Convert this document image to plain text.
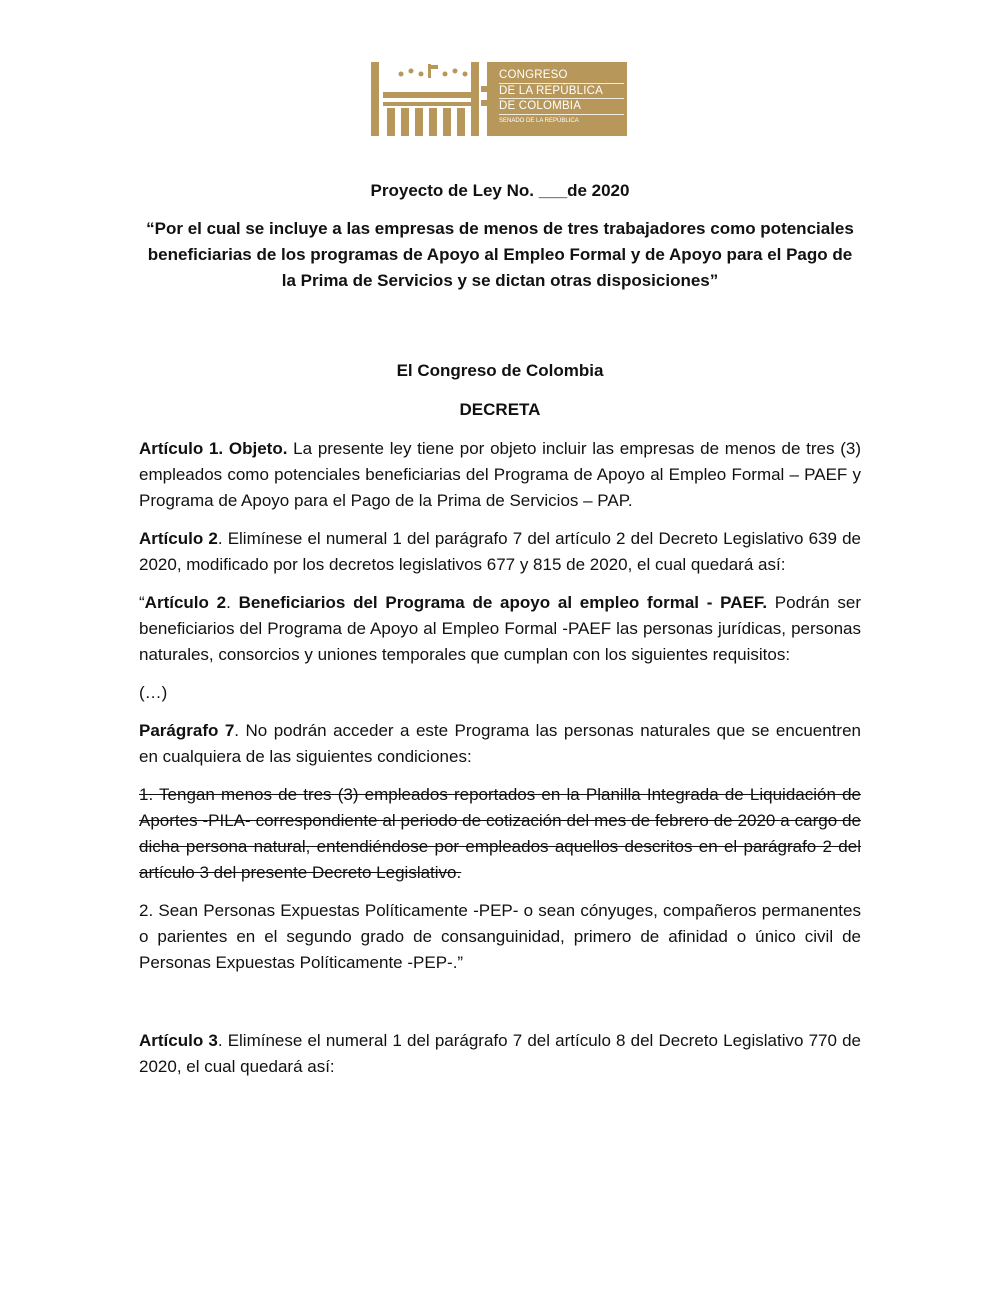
CONGRESO
DE LA REPÚBLICA
DE COLOMBIA
SENADO DE LA REPÚBLICA

Proyecto de Ley No. ___de 2020

“Por el cual se incluye a las empresas de menos de tres trabajadores como potenciales beneficiarias de los programas de Apoyo al Empleo Formal y de Apoyo para el Pago de la Prima de Servicios y se dictan otras disposiciones”

El Congreso de Colombia

DECRETA

Artículo 1. Objeto. La presente ley tiene por objeto incluir las empresas de menos de tres (3) empleados como potenciales beneficiarias del Programa de Apoyo al Empleo Formal – PAEF y Programa de Apoyo para el Pago de la Prima de Servicios – PAP.

Artículo 2. Elimínese el numeral 1 del parágrafo 7 del artículo 2 del Decreto Legislativo 639 de 2020, modificado por los decretos legislativos 677 y 815 de 2020, el cual quedará así:

“Artículo 2. Beneficiarios del Programa de apoyo al empleo formal - PAEF. Podrán ser beneficiarios del Programa de Apoyo al Empleo Formal -PAEF las personas jurídicas, personas naturales, consorcios y uniones temporales que cumplan con los siguientes requisitos:

(…)

Parágrafo 7. No podrán acceder a este Programa las personas naturales que se encuentren en cualquiera de las siguientes condiciones:

1. Tengan menos de tres (3) empleados reportados en la Planilla Integrada de Liquidación de Aportes -PILA- correspondiente al periodo de cotización del mes de febrero de 2020 a cargo de dicha persona natural, entendiéndose por empleados aquellos descritos en el parágrafo 2 del artículo 3 del presente Decreto Legislativo.

2. Sean Personas Expuestas Políticamente -PEP- o sean cónyuges, compañeros permanentes o parientes en el segundo grado de consanguinidad, primero de afinidad o único civil de Personas Expuestas Políticamente -PEP-.”

Artículo 3. Elimínese el numeral 1 del parágrafo 7 del artículo 8 del Decreto Legislativo 770 de 2020, el cual quedará así:
